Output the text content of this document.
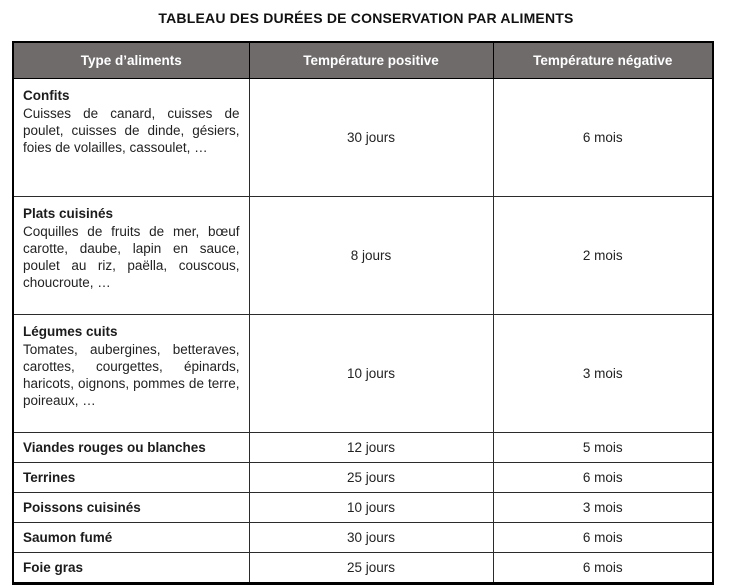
TABLEAU DES DURÉES DE CONSERVATION PAR ALIMENTS
Type d’aliments	Température positive	Température négative

Confits
Cuisses de canard, cuisses de poulet, cuisses de dinde, gésiers, foies de volailles, cassoulet, …	30 jours	6 mois

Plats cuisinés
Coquilles de fruits de mer, bœuf carotte, daube, lapin en sauce, poulet au riz, paëlla, couscous, choucroute, …	8 jours	2 mois

Légumes cuits
Tomates, aubergines, betteraves, carottes, courgettes, épinards, haricots, oignons, pommes de terre, poireaux, …	10 jours	3 mois

Viandes rouges ou blanches	12 jours	5 mois

Terrines	25 jours	6 mois

Poissons cuisinés	10 jours	3 mois

Saumon fumé	30 jours	6 mois

Foie gras	25 jours	6 mois
